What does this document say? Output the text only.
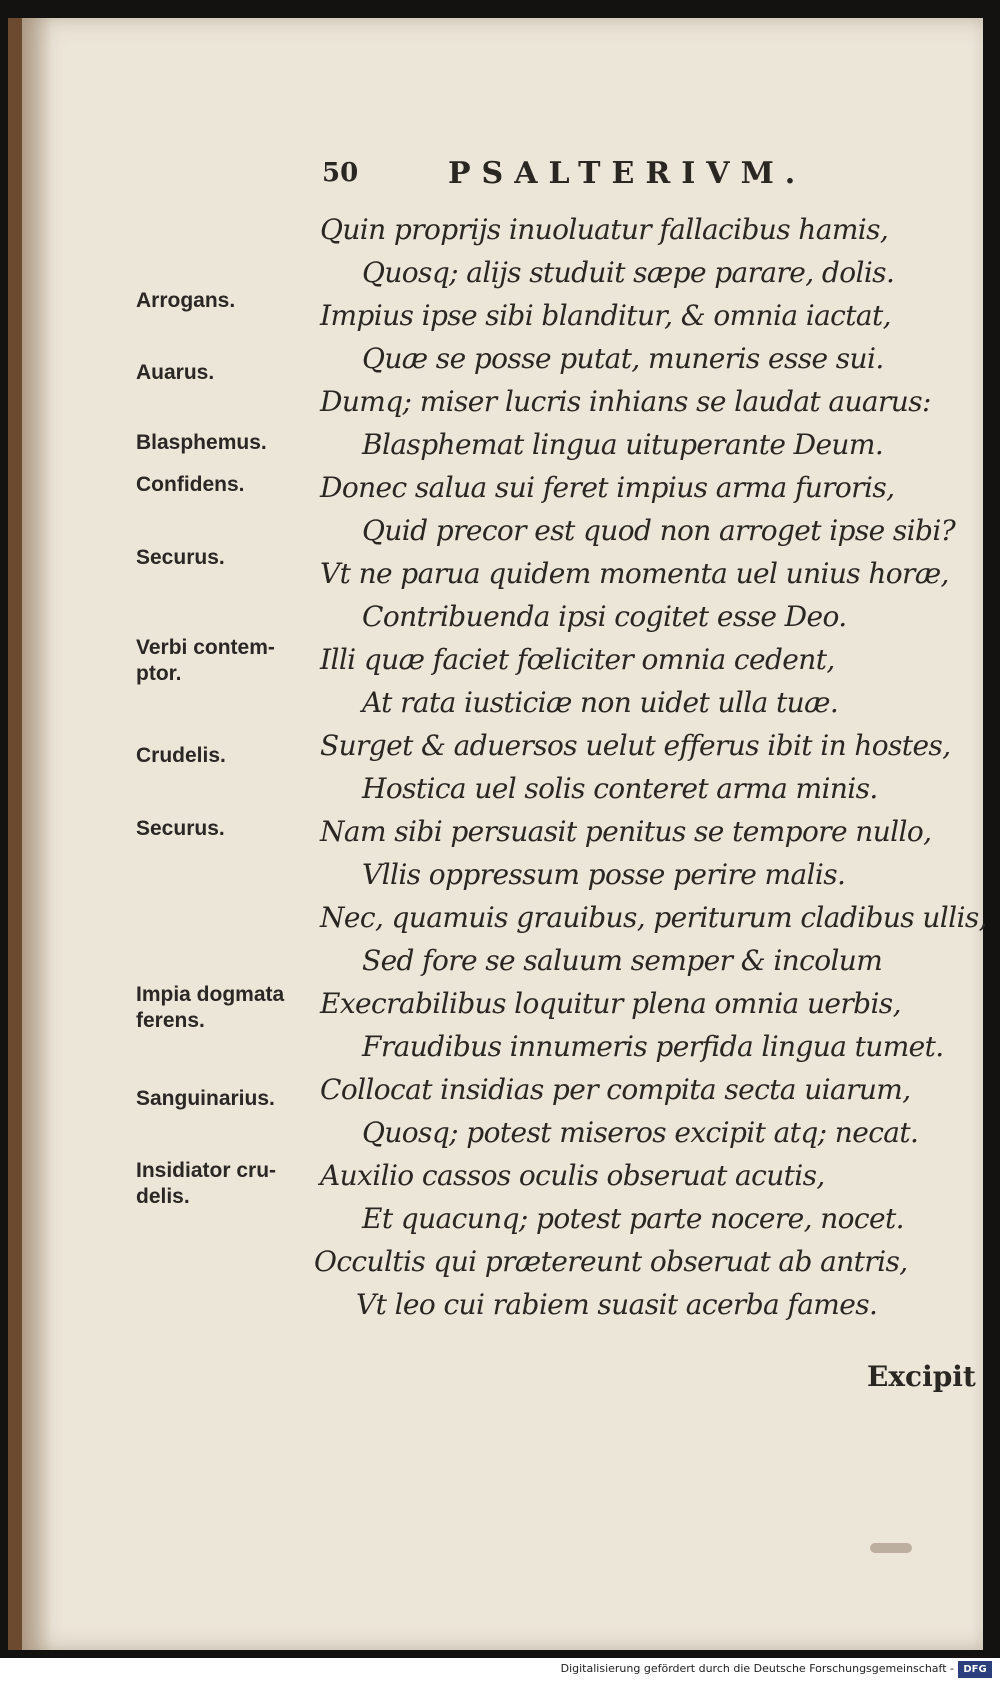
50	PSALTERIVM.
Arrogans.
Auarus.
Blasphemus.
Confidens.
Securus.
Verbi contem-
ptor.
Crudelis.
Securus.
Impia dogmata
ferens.
Sanguinarius.
Insidiator cru-
delis.
Quin proprijs inuoluatur fallacibus hamis,
Quosq; alijs studuit sæpe parare, dolis.
Impius ipse sibi blanditur, & omnia iactat,
Quæ se posse putat, muneris esse sui.
Dumq; miser lucris inhians se laudat auarus:
Blasphemat lingua uituperante Deum.
Donec salua sui feret impius arma furoris,
Quid precor est quod non arroget ipse sibi?
Vt ne parua quidem momenta uel unius horæ,
Contribuenda ipsi cogitet esse Deo.
Illi quæ faciet fœliciter omnia cedent,
At rata iusticiæ non uidet ulla tuæ.
Surget & aduersos uelut efferus ibit in hostes,
Hostica uel solis conteret arma minis.
Nam sibi persuasit penitus se tempore nullo,
Vllis oppressum posse perire malis.
Nec, quamuis grauibus, periturum cladibus ullis,
Sed fore se saluum semper & incolum
Execrabilibus loquitur plena omnia uerbis,
Fraudibus innumeris perfida lingua tumet.
Collocat insidias per compita secta uiarum,
Quosq; potest miseros excipit atq; necat.
Auxilio cassos oculis obseruat acutis,
Et quacunq; potest parte nocere, nocet.
Occultis qui prætereunt obseruat ab antris,
Vt leo cui rabiem suasit acerba fames.
Excipit
Digitalisierung gefördert durch die Deutsche Forschungsgemeinschaft - DFG
